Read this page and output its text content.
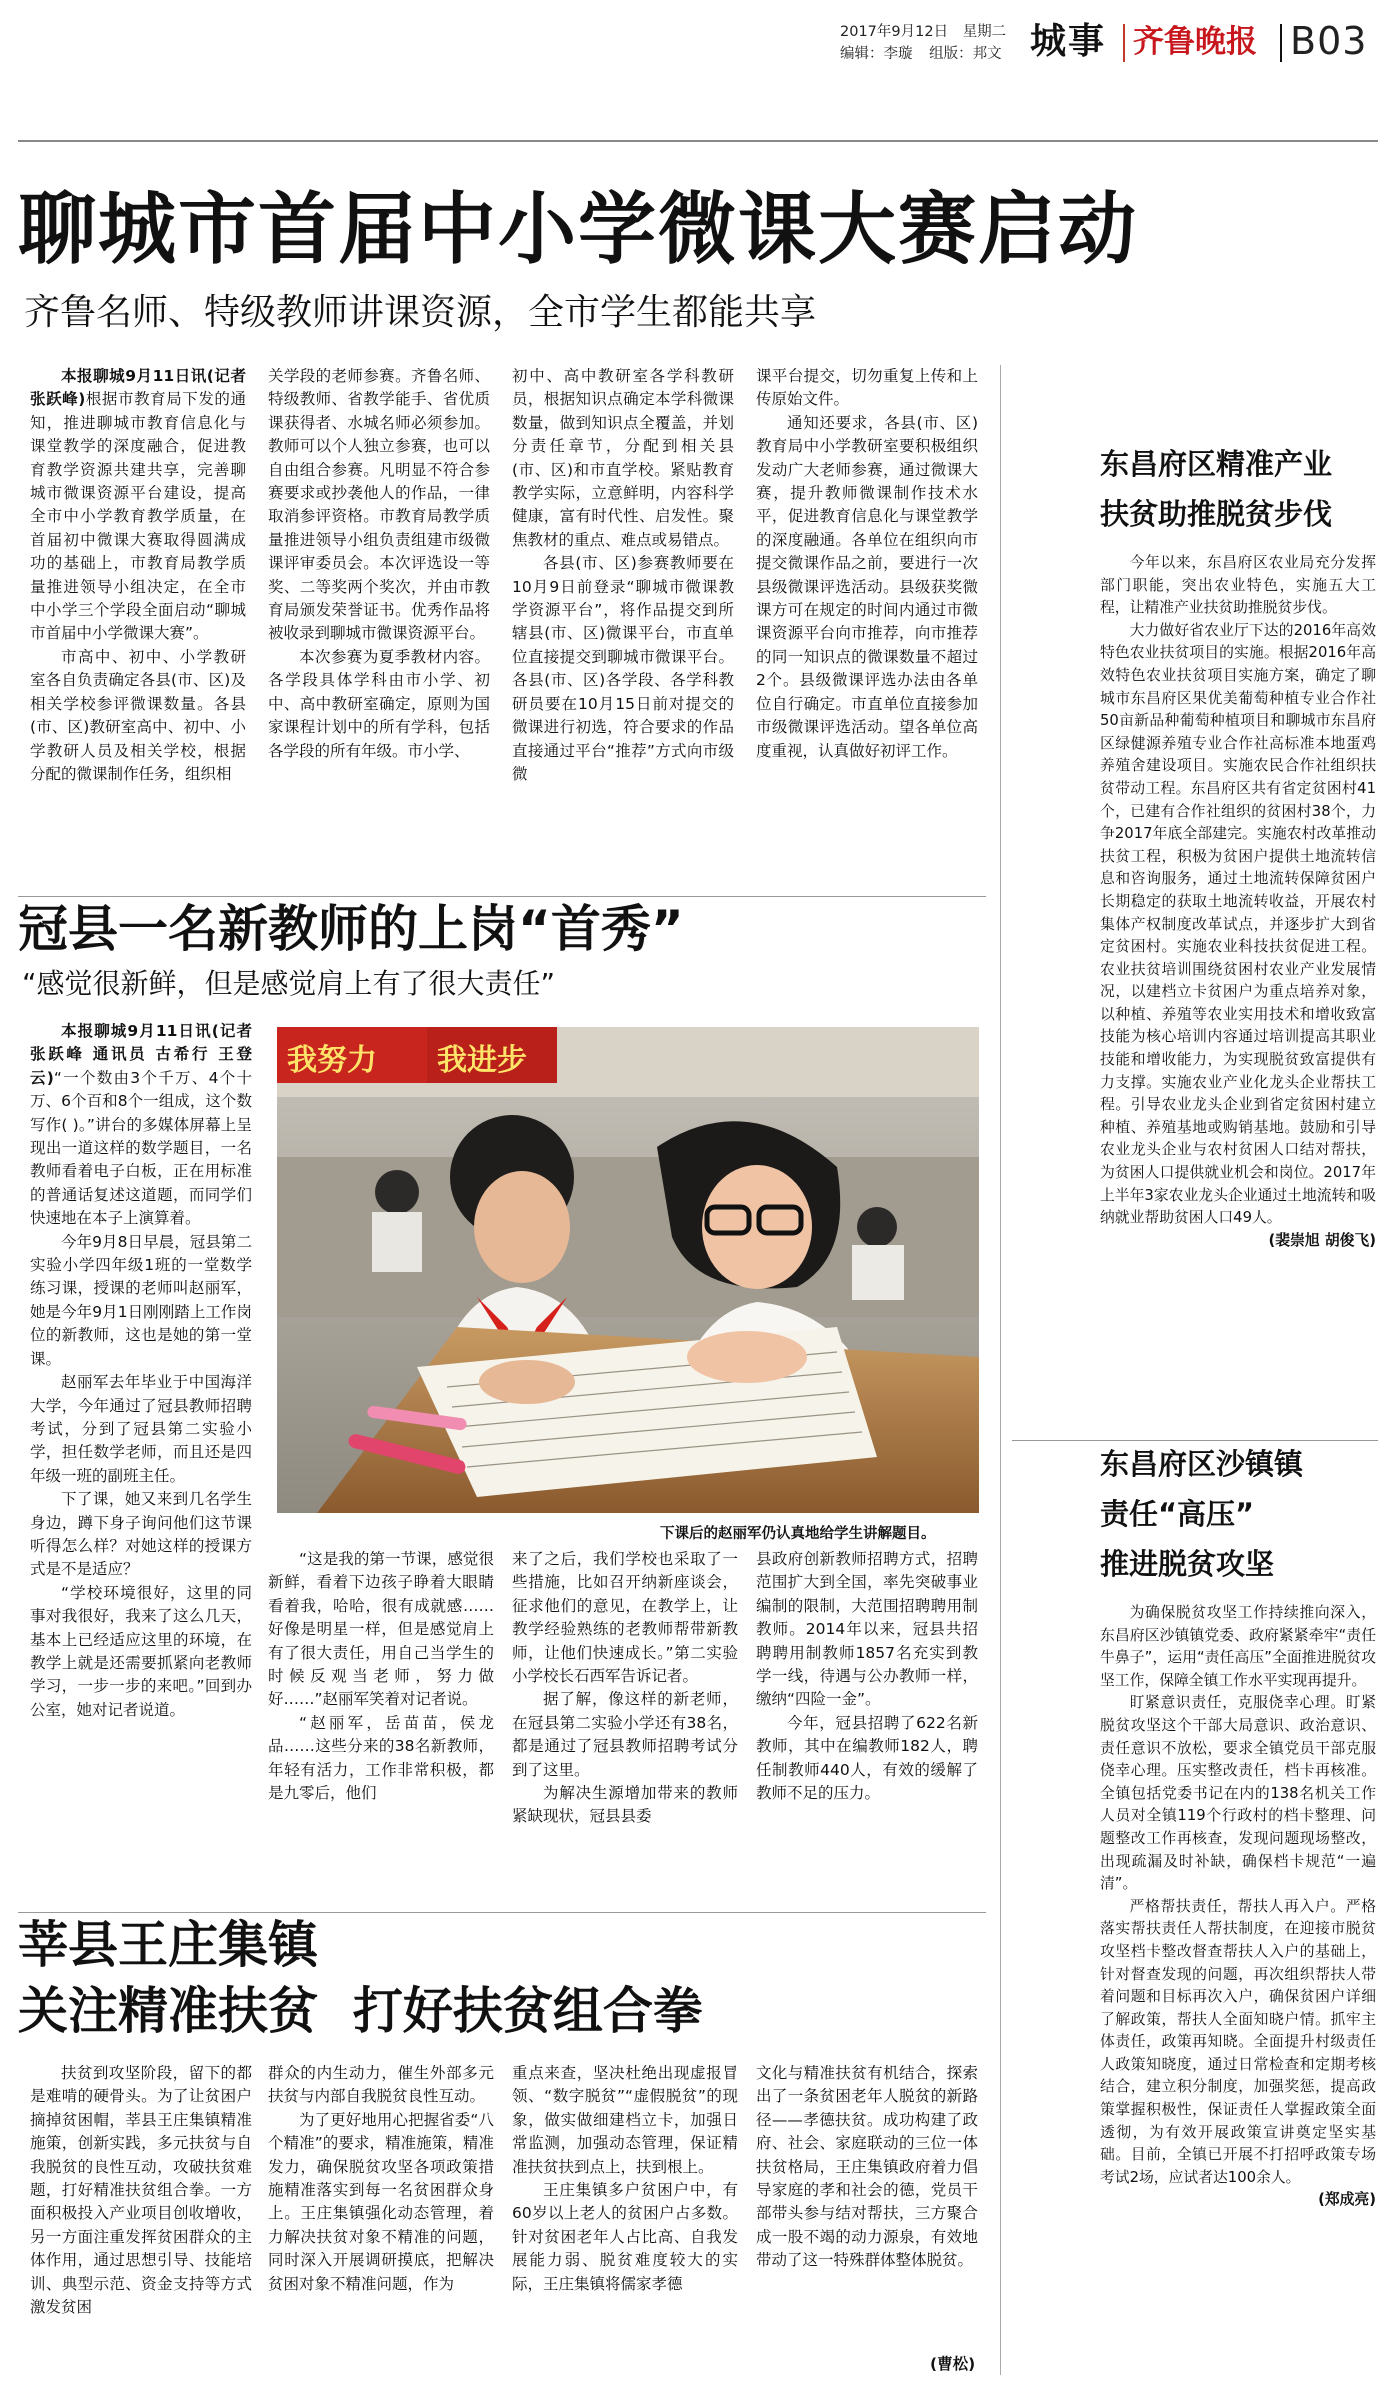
2017年9月12日 星期二
编辑：李璇 组版：邦文 城事 齐鲁晚报 B03
聊城市首届中小学微课大赛启动
齐鲁名师、特级教师讲课资源，全市学生都能共享

本报聊城9月11日讯(记者 张跃峰)根据市教育局下发的通知，推进聊城市教育信息化与课堂教学的深度融合，促进教育教学资源共建共享，完善聊城市微课资源平台建设，提高全市中小学教育教学质量，在首届初中微课大赛取得圆满成功的基础上，市教育局教学质量推进领导小组决定，在全市中小学三个学段全面启动“聊城市首届中小学微课大赛”。

市高中、初中、小学教研室各自负责确定各县(市、区)及相关学校参评微课数量。各县(市、区)教研室高中、初中、小学教研人员及相关学校，根据分配的微课制作任务，组织相

关学段的老师参赛。齐鲁名师、特级教师、省教学能手、省优质课获得者、水城名师必须参加。教师可以个人独立参赛，也可以自由组合参赛。凡明显不符合参赛要求或抄袭他人的作品，一律取消参评资格。市教育局教学质量推进领导小组负责组建市级微课评审委员会。本次评选设一等奖、二等奖两个奖次，并由市教育局颁发荣誉证书。优秀作品将被收录到聊城市微课资源平台。

本次参赛为夏季教材内容。各学段具体学科由市小学、初中、高中教研室确定，原则为国家课程计划中的所有学科，包括各学段的所有年级。市小学、

初中、高中教研室各学科教研员，根据知识点确定本学科微课数量，做到知识点全覆盖，并划分责任章节，分配到相关县(市、区)和市直学校。紧贴教育教学实际，立意鲜明，内容科学健康，富有时代性、启发性。聚焦教材的重点、难点或易错点。

各县(市、区)参赛教师要在10月9日前登录“聊城市微课教学资源平台”，将作品提交到所辖县(市、区)微课平台，市直单位直接提交到聊城市微课平台。各县(市、区)各学段、各学科教研员要在10月15日前对提交的微课进行初选，符合要求的作品直接通过平台“推荐”方式向市级微

课平台提交，切勿重复上传和上传原始文件。

通知还要求，各县(市、区)教育局中小学教研室要积极组织发动广大老师参赛，通过微课大赛，提升教师微课制作技术水平，促进教育信息化与课堂教学的深度融通。各单位在组织向市提交微课作品之前，要进行一次县级微课评选活动。县级获奖微课方可在规定的时间内通过市微课资源平台向市推荐，向市推荐的同一知识点的微课数量不超过2个。县级微课评选办法由各单位自行确定。市直单位直接参加市级微课评选活动。望各单位高度重视，认真做好初评工作。

冠县一名新教师的上岗“首秀”
“感觉很新鲜，但是感觉肩上有了很大责任”

本报聊城9月11日讯(记者 张跃峰 通讯员 古希行 王登云)“一个数由3个千万、4个十万、6个百和8个一组成，这个数写作( )。”讲台的多媒体屏幕上呈现出一道这样的数学题目，一名教师看着电子白板，正在用标准的普通话复述这道题，而同学们快速地在本子上演算着。

今年9月8日早晨，冠县第二实验小学四年级1班的一堂数学练习课，授课的老师叫赵丽军，她是今年9月1日刚刚踏上工作岗位的新教师，这也是她的第一堂课。

赵丽军去年毕业于中国海洋大学，今年通过了冠县教师招聘考试，分到了冠县第二实验小学，担任数学老师，而且还是四年级一班的副班主任。

下了课，她又来到几名学生身边，蹲下身子询问他们这节课听得怎么样？对她这样的授课方式是不是适应？

“学校环境很好，这里的同事对我很好，我来了这么几天，基本上已经适应这里的环境，在教学上就是还需要抓紧向老教师学习，一步一步的来吧。”回到办公室，她对记者说道。

我努力 我进步
下课后的赵丽军仍认真地给学生讲解题目。

“这是我的第一节课，感觉很新鲜，看着下边孩子睁着大眼睛看着我，哈哈，很有成就感……好像是明星一样，但是感觉肩上有了很大责任，用自己当学生的时候反观当老师，努力做好……”赵丽军笑着对记者说。

“赵丽军，岳苗苗，侯龙品……这些分来的38名新教师，年轻有活力，工作非常积极，都是九零后，他们

来了之后，我们学校也采取了一些措施，比如召开纳新座谈会，征求他们的意见，在教学上，让教学经验熟练的老教师帮带新教师，让他们快速成长。”第二实验小学校长石西军告诉记者。

据了解，像这样的新老师，在冠县第二实验小学还有38名，都是通过了冠县教师招聘考试分到了这里。

为解决生源增加带来的教师紧缺现状，冠县县委

县政府创新教师招聘方式，招聘范围扩大到全国，率先突破事业编制的限制，大范围招聘聘用制教师。2014年以来，冠县共招聘聘用制教师1857名充实到教学一线，待遇与公办教师一样，缴纳“四险一金”。

今年，冠县招聘了622名新教师，其中在编教师182人，聘任制教师440人，有效的缓解了教师不足的压力。

莘县王庄集镇
关注精准扶贫  打好扶贫组合拳

扶贫到攻坚阶段，留下的都是难啃的硬骨头。为了让贫困户摘掉贫困帽，莘县王庄集镇精准施策，创新实践，多元扶贫与自我脱贫的良性互动，攻破扶贫难题，打好精准扶贫组合拳。一方面积极投入产业项目创收增收，另一方面注重发挥贫困群众的主体作用，通过思想引导、技能培训、典型示范、资金支持等方式激发贫困

群众的内生动力，催生外部多元扶贫与内部自我脱贫良性互动。

为了更好地用心把握省委“八个精准”的要求，精准施策，精准发力，确保脱贫攻坚各项政策措施精准落实到每一名贫困群众身上。王庄集镇强化动态管理，着力解决扶贫对象不精准的问题，同时深入开展调研摸底，把解决贫困对象不精准问题，作为

重点来查，坚决杜绝出现虚报冒领、“数字脱贫”“虚假脱贫”的现象，做实做细建档立卡，加强日常监测，加强动态管理，保证精准扶贫扶到点上，扶到根上。

王庄集镇多户贫困户中，有60岁以上老人的贫困户占多数。针对贫困老年人占比高、自我发展能力弱、脱贫难度较大的实际，王庄集镇将儒家孝德

文化与精准扶贫有机结合，探索出了一条贫困老年人脱贫的新路径——孝德扶贫。成功构建了政府、社会、家庭联动的三位一体扶贫格局，王庄集镇政府着力倡导家庭的孝和社会的德，党员干部带头参与结对帮扶，三方聚合成一股不竭的动力源泉，有效地带动了这一特殊群体整体脱贫。

(曹松)
东昌府区精准产业
扶贫助推脱贫步伐

今年以来，东昌府区农业局充分发挥部门职能，突出农业特色，实施五大工程，让精准产业扶贫助推脱贫步伐。

大力做好省农业厅下达的2016年高效特色农业扶贫项目的实施。根据2016年高效特色农业扶贫项目实施方案，确定了聊城市东昌府区果优美葡萄种植专业合作社50亩新品种葡萄种植项目和聊城市东昌府区绿健源养殖专业合作社高标准本地蛋鸡养殖舍建设项目。实施农民合作社组织扶贫带动工程。东昌府区共有省定贫困村41个，已建有合作社组织的贫困村38个，力争2017年底全部建完。实施农村改革推动扶贫工程，积极为贫困户提供土地流转信息和咨询服务，通过土地流转保障贫困户长期稳定的获取土地流转收益，开展农村集体产权制度改革试点，并逐步扩大到省定贫困村。实施农业科技扶贫促进工程。农业扶贫培训围绕贫困村农业产业发展情况，以建档立卡贫困户为重点培养对象，以种植、养殖等农业实用技术和增收致富技能为核心培训内容通过培训提高其职业技能和增收能力，为实现脱贫致富提供有力支撑。实施农业产业化龙头企业帮扶工程。引导农业龙头企业到省定贫困村建立种植、养殖基地或购销基地。鼓励和引导农业龙头企业与农村贫困人口结对帮扶，为贫困人口提供就业机会和岗位。2017年上半年3家农业龙头企业通过土地流转和吸纳就业帮助贫困人口49人。

(裴崇旭 胡俊飞)

东昌府区沙镇镇
责任“高压”
推进脱贫攻坚

为确保脱贫攻坚工作持续推向深入，东昌府区沙镇镇党委、政府紧紧牵牢“责任牛鼻子”，运用“责任高压”全面推进脱贫攻坚工作，保障全镇工作水平实现再提升。

盯紧意识责任，克服侥幸心理。盯紧脱贫攻坚这个干部大局意识、政治意识、责任意识不放松，要求全镇党员干部克服侥幸心理。压实整改责任，档卡再核准。全镇包括党委书记在内的138名机关工作人员对全镇119个行政村的档卡整理、问题整改工作再核查，发现问题现场整改，出现疏漏及时补缺，确保档卡规范“一遍清”。

严格帮扶责任，帮扶人再入户。严格落实帮扶责任人帮扶制度，在迎接市脱贫攻坚档卡整改督查帮扶人入户的基础上，针对督查发现的问题，再次组织帮扶人带着问题和目标再次入户，确保贫困户详细了解政策，帮扶人全面知晓户情。抓牢主体责任，政策再知晓。全面提升村级责任人政策知晓度，通过日常检查和定期考核结合，建立积分制度，加强奖惩，提高政策掌握积极性，保证责任人掌握政策全面透彻，为有效开展政策宣讲奠定坚实基础。目前，全镇已开展不打招呼政策专场考试2场，应试者达100余人。

(郑成亮)
